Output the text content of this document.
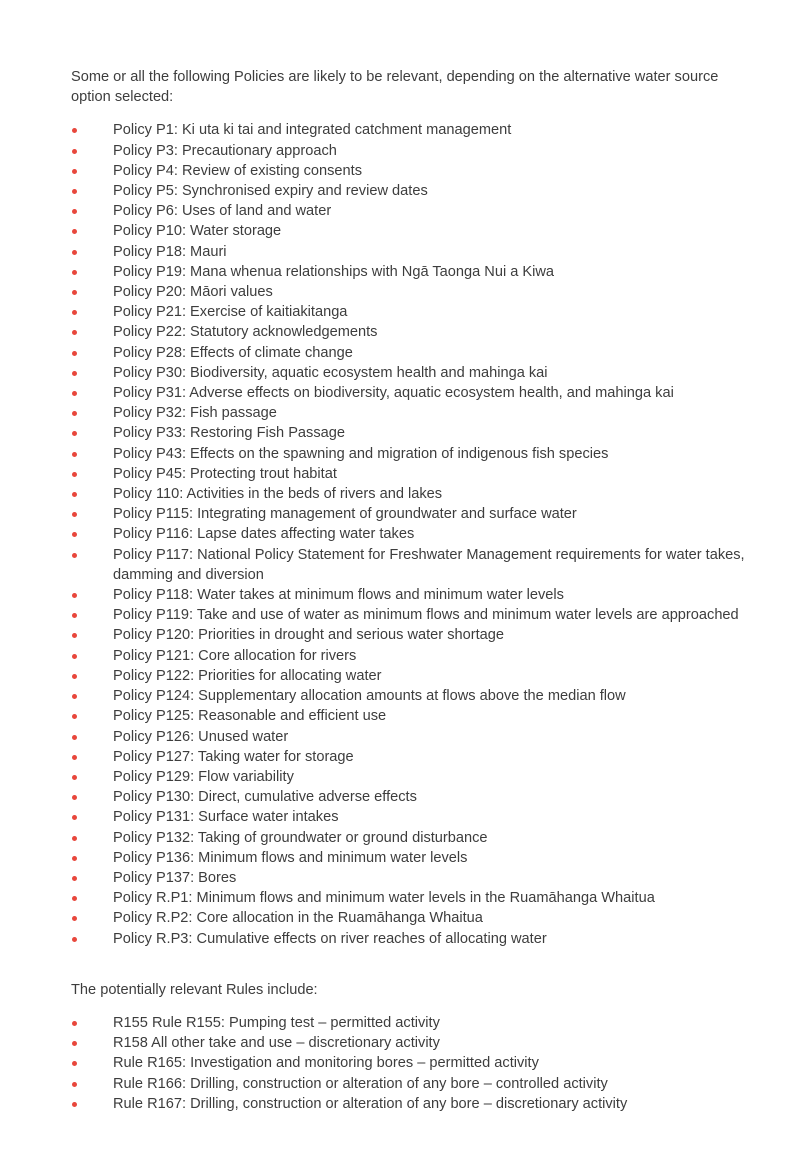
Some or all the following Policies are likely to be relevant, depending on the alternative water source option selected:

Policy P1: Ki uta ki tai and integrated catchment management
Policy P3: Precautionary approach
Policy P4: Review of existing consents
Policy P5: Synchronised expiry and review dates
Policy P6: Uses of land and water
Policy P10: Water storage
Policy P18: Mauri
Policy P19: Mana whenua relationships with Ngā Taonga Nui a Kiwa
Policy P20: Māori values
Policy P21: Exercise of kaitiakitanga
Policy P22: Statutory acknowledgements
Policy P28: Effects of climate change
Policy P30: Biodiversity, aquatic ecosystem health and mahinga kai
Policy P31: Adverse effects on biodiversity, aquatic ecosystem health, and mahinga kai
Policy P32: Fish passage
Policy P33: Restoring Fish Passage
Policy P43: Effects on the spawning and migration of indigenous fish species
Policy P45: Protecting trout habitat
Policy 110: Activities in the beds of rivers and lakes
Policy P115: Integrating management of groundwater and surface water
Policy P116: Lapse dates affecting water takes
Policy P117: National Policy Statement for Freshwater Management requirements for water takes, damming and diversion
Policy P118: Water takes at minimum flows and minimum water levels
Policy P119: Take and use of water as minimum flows and minimum water levels are approached
Policy P120: Priorities in drought and serious water shortage
Policy P121: Core allocation for rivers
Policy P122: Priorities for allocating water
Policy P124: Supplementary allocation amounts at flows above the median flow
Policy P125: Reasonable and efficient use
Policy P126: Unused water
Policy P127: Taking water for storage
Policy P129: Flow variability
Policy P130: Direct, cumulative adverse effects
Policy P131: Surface water intakes
Policy P132: Taking of groundwater or ground disturbance
Policy P136: Minimum flows and minimum water levels
Policy P137: Bores
Policy R.P1: Minimum flows and minimum water levels in the Ruamāhanga Whaitua
Policy R.P2: Core allocation in the Ruamāhanga Whaitua
Policy R.P3: Cumulative effects on river reaches of allocating water

The potentially relevant Rules include:

R155 Rule R155: Pumping test – permitted activity
R158 All other take and use – discretionary activity
Rule R165: Investigation and monitoring bores – permitted activity
Rule R166: Drilling, construction or alteration of any bore – controlled activity
Rule R167: Drilling, construction or alteration of any bore – discretionary activity
